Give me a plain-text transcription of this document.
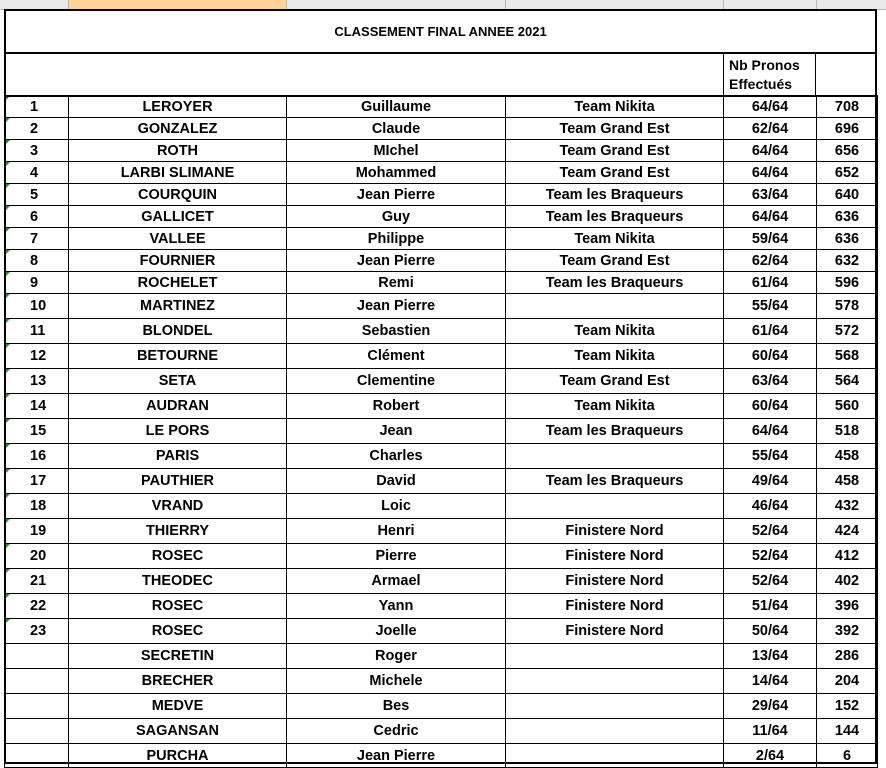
CLASSEMENT FINAL ANNEE 2021
Nb Pronos
Effectués
1	LEROYER	Guillaume	Team Nikita	64/64	708
2	GONZALEZ	Claude	Team Grand Est	62/64	696
3	ROTH	MIchel	Team Grand Est	64/64	656
4	LARBI SLIMANE	Mohammed	Team Grand Est	64/64	652
5	COURQUIN	Jean Pierre	Team les Braqueurs	63/64	640
6	GALLICET	Guy	Team les Braqueurs	64/64	636
7	VALLEE	Philippe	Team Nikita	59/64	636
8	FOURNIER	Jean Pierre	Team Grand Est	62/64	632
9	ROCHELET	Remi	Team les Braqueurs	61/64	596
10	MARTINEZ	Jean Pierre		55/64	578
11	BLONDEL	Sebastien	Team Nikita	61/64	572
12	BETOURNE	Clément	Team Nikita	60/64	568
13	SETA	Clementine	Team Grand Est	63/64	564
14	AUDRAN	Robert	Team Nikita	60/64	560
15	LE PORS	Jean	Team les Braqueurs	64/64	518
16	PARIS	Charles		55/64	458
17	PAUTHIER	David	Team les Braqueurs	49/64	458
18	VRAND	Loic		46/64	432
19	THIERRY	Henri	Finistere Nord	52/64	424
20	ROSEC	Pierre	Finistere Nord	52/64	412
21	THEODEC	Armael	Finistere Nord	52/64	402
22	ROSEC	Yann	Finistere Nord	51/64	396
23	ROSEC	Joelle	Finistere Nord	50/64	392
	SECRETIN	Roger		13/64	286
	BRECHER	Michele		14/64	204
	MEDVE	Bes		29/64	152
	SAGANSAN	Cedric		11/64	144
	PURCHA	Jean Pierre		2/64	6
